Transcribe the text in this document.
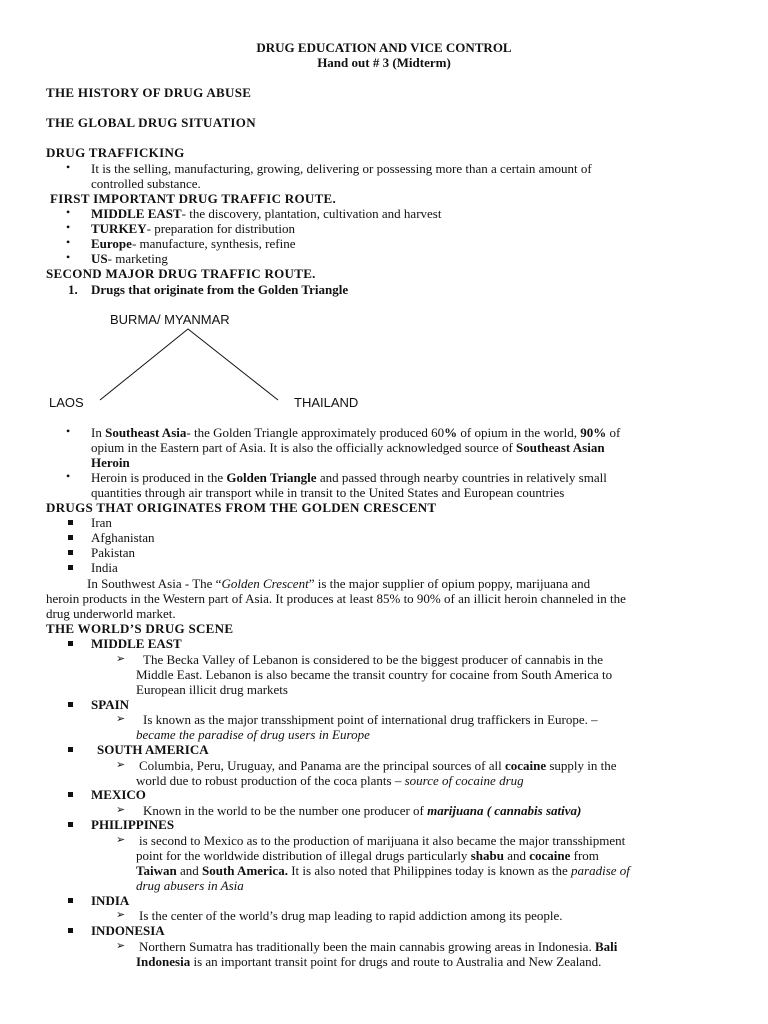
DRUG EDUCATION AND VICE CONTROL
Hand out # 3 (Midterm)
THE HISTORY OF DRUG ABUSE
THE GLOBAL DRUG SITUATION
DRUG TRAFFICKING
• It is the selling, manufacturing, growing, delivering or possessing more than a certain amount of
controlled substance.
FIRST IMPORTANT DRUG TRAFFIC ROUTE.
• MIDDLE EAST- the discovery, plantation, cultivation and harvest
• TURKEY- preparation for distribution
• Europe- manufacture, synthesis, refine
• US- marketing
SECOND MAJOR DRUG TRAFFIC ROUTE.
1. Drugs that originate from the Golden Triangle
BURMA/ MYANMAR
LAOS	THAILAND
• In Southeast Asia- the Golden Triangle approximately produced 60% of opium in the world, 90% of
opium in the Eastern part of Asia. It is also the officially acknowledged source of Southeast Asian
Heroin
• Heroin is produced in the Golden Triangle and passed through nearby countries in relatively small
quantities through air transport while in transit to the United States and European countries
DRUGS THAT ORIGINATES FROM THE GOLDEN CRESCENT
Iran
Afghanistan
Pakistan
India
In Southwest Asia - The “Golden Crescent” is the major supplier of opium poppy, marijuana and
heroin products in the Western part of Asia. It produces at least 85% to 90% of an illicit heroin channeled in the
drug underworld market.
THE WORLD’S DRUG SCENE
MIDDLE EAST
➢ The Becka Valley of Lebanon is considered to be the biggest producer of cannabis in the
Middle East. Lebanon is also became the transit country for cocaine from South America to
European illicit drug markets
SPAIN
➢ Is known as the major transshipment point of international drug traffickers in Europe. –
became the paradise of drug users in Europe
SOUTH AMERICA
➢ Columbia, Peru, Uruguay, and Panama are the principal sources of all cocaine supply in the
world due to robust production of the coca plants – source of cocaine drug
MEXICO
➢ Known in the world to be the number one producer of marijuana ( cannabis sativa)
PHILIPPINES
➢ is second to Mexico as to the production of marijuana it also became the major transshipment
point for the worldwide distribution of illegal drugs particularly shabu and cocaine from
Taiwan and South America. It is also noted that Philippines today is known as the paradise of
drug abusers in Asia
INDIA
➢ Is the center of the world’s drug map leading to rapid addiction among its people.
INDONESIA
➢ Northern Sumatra has traditionally been the main cannabis growing areas in Indonesia. Bali
Indonesia is an important transit point for drugs and route to Australia and New Zealand.
